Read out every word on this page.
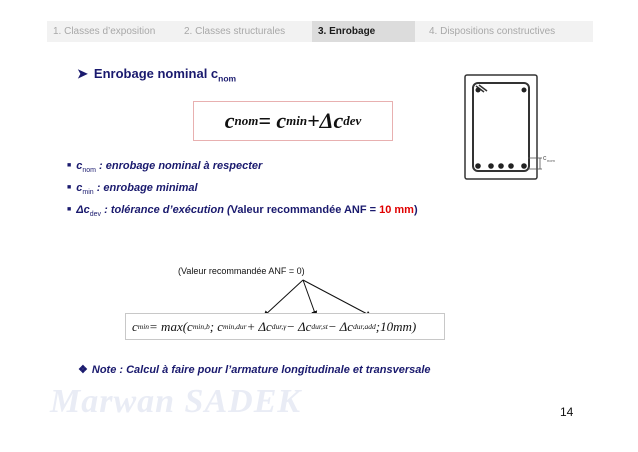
1. Classes d’exposition	2. Classes structurales	3. Enrobage	4. Dispositions constructives
➤ Enrobage nominal $c_{nom}$
c nom = c min +Δc dev
■ $c_{nom}$ : enrobage nominal à respecter
■ $c_{min}$ : enrobage minimal
■ $\Delta c_{dev}$ : tolérance d’exécution (Valeur recommandée ANF = 10 mm)
c nom
(Valeur recommandée ANF = 0)
c min = max(c min,b ; c min,dur + Δc dur,γ − Δc dur,st − Δc dur,add ;10mm)
❖ Note : Calcul à faire pour l’armature longitudinale et transversale
Marwan SADEK	14
